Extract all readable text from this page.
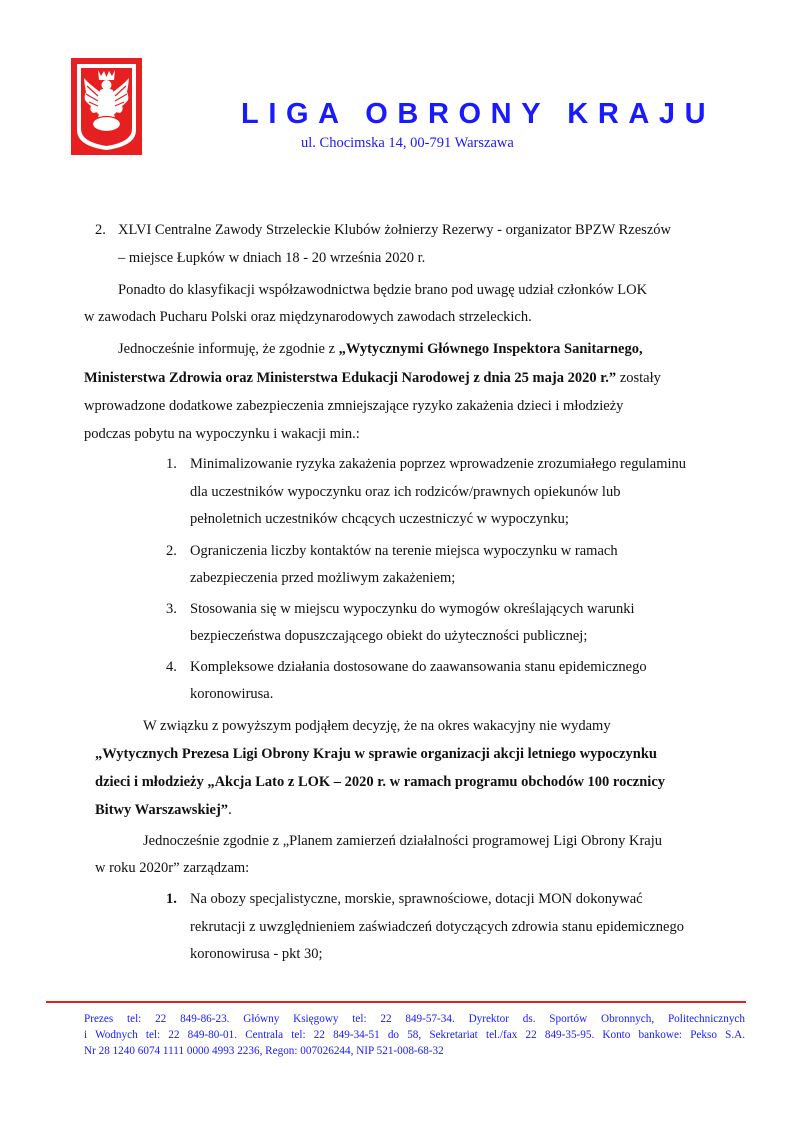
LIGA OBRONY KRAJU
ul. Chocimska 14, 00-791 Warszawa
2. XLVI Centralne Zawody Strzeleckie Klubów żołnierzy Rezerwy - organizator BPZW Rzeszów
– miejsce Łupków w dniach 18 - 20 września 2020 r.
Ponadto do klasyfikacji współzawodnictwa będzie brano pod uwagę udział członków LOK
w zawodach Pucharu Polski oraz międzynarodowych zawodach strzeleckich.
Jednocześnie informuję, że zgodnie z „Wytycznymi Głównego Inspektora Sanitarnego,
Ministerstwa Zdrowia oraz Ministerstwa Edukacji Narodowej z dnia 25 maja 2020 r.” zostały
wprowadzone dodatkowe zabezpieczenia zmniejszające ryzyko zakażenia dzieci i młodzieży
podczas pobytu na wypoczynku i wakacji min.:
1. Minimalizowanie ryzyka zakażenia poprzez wprowadzenie zrozumiałego regulaminu
dla uczestników wypoczynku oraz ich rodziców/prawnych opiekunów lub
pełnoletnich uczestników chcących uczestniczyć w wypoczynku;
2. Ograniczenia liczby kontaktów na terenie miejsca wypoczynku w ramach
zabezpieczenia przed możliwym zakażeniem;
3. Stosowania się w miejscu wypoczynku do wymogów określających warunki
bezpieczeństwa dopuszczającego obiekt do użyteczności publicznej;
4. Kompleksowe działania dostosowane do zaawansowania stanu epidemicznego
koronowirusa.
W związku z powyższym podjąłem decyzję, że na okres wakacyjny nie wydamy
„Wytycznych Prezesa Ligi Obrony Kraju w sprawie organizacji akcji letniego wypoczynku
dzieci i młodzieży „Akcja Lato z LOK – 2020 r. w ramach programu obchodów 100 rocznicy
Bitwy Warszawskiej”.
Jednocześnie zgodnie z „Planem zamierzeń działalności programowej Ligi Obrony Kraju
w roku 2020r” zarządzam:
1. Na obozy specjalistyczne, morskie, sprawnościowe, dotacji MON dokonywać
rekrutacji z uwzględnieniem zaświadczeń dotyczących zdrowia stanu epidemicznego
koronowirusa - pkt 30;
Prezes tel: 22 849-86-23. Główny Księgowy tel: 22 849-57-34. Dyrektor ds. Sportów Obronnych, Politechnicznych
i Wodnych tel: 22 849-80-01. Centrala tel: 22 849-34-51 do 58, Sekretariat tel./fax 22 849-35-95. Konto bankowe: Pekso S.A.
Nr 28 1240 6074 1111 0000 4993 2236, Regon: 007026244, NIP 521-008-68-32
